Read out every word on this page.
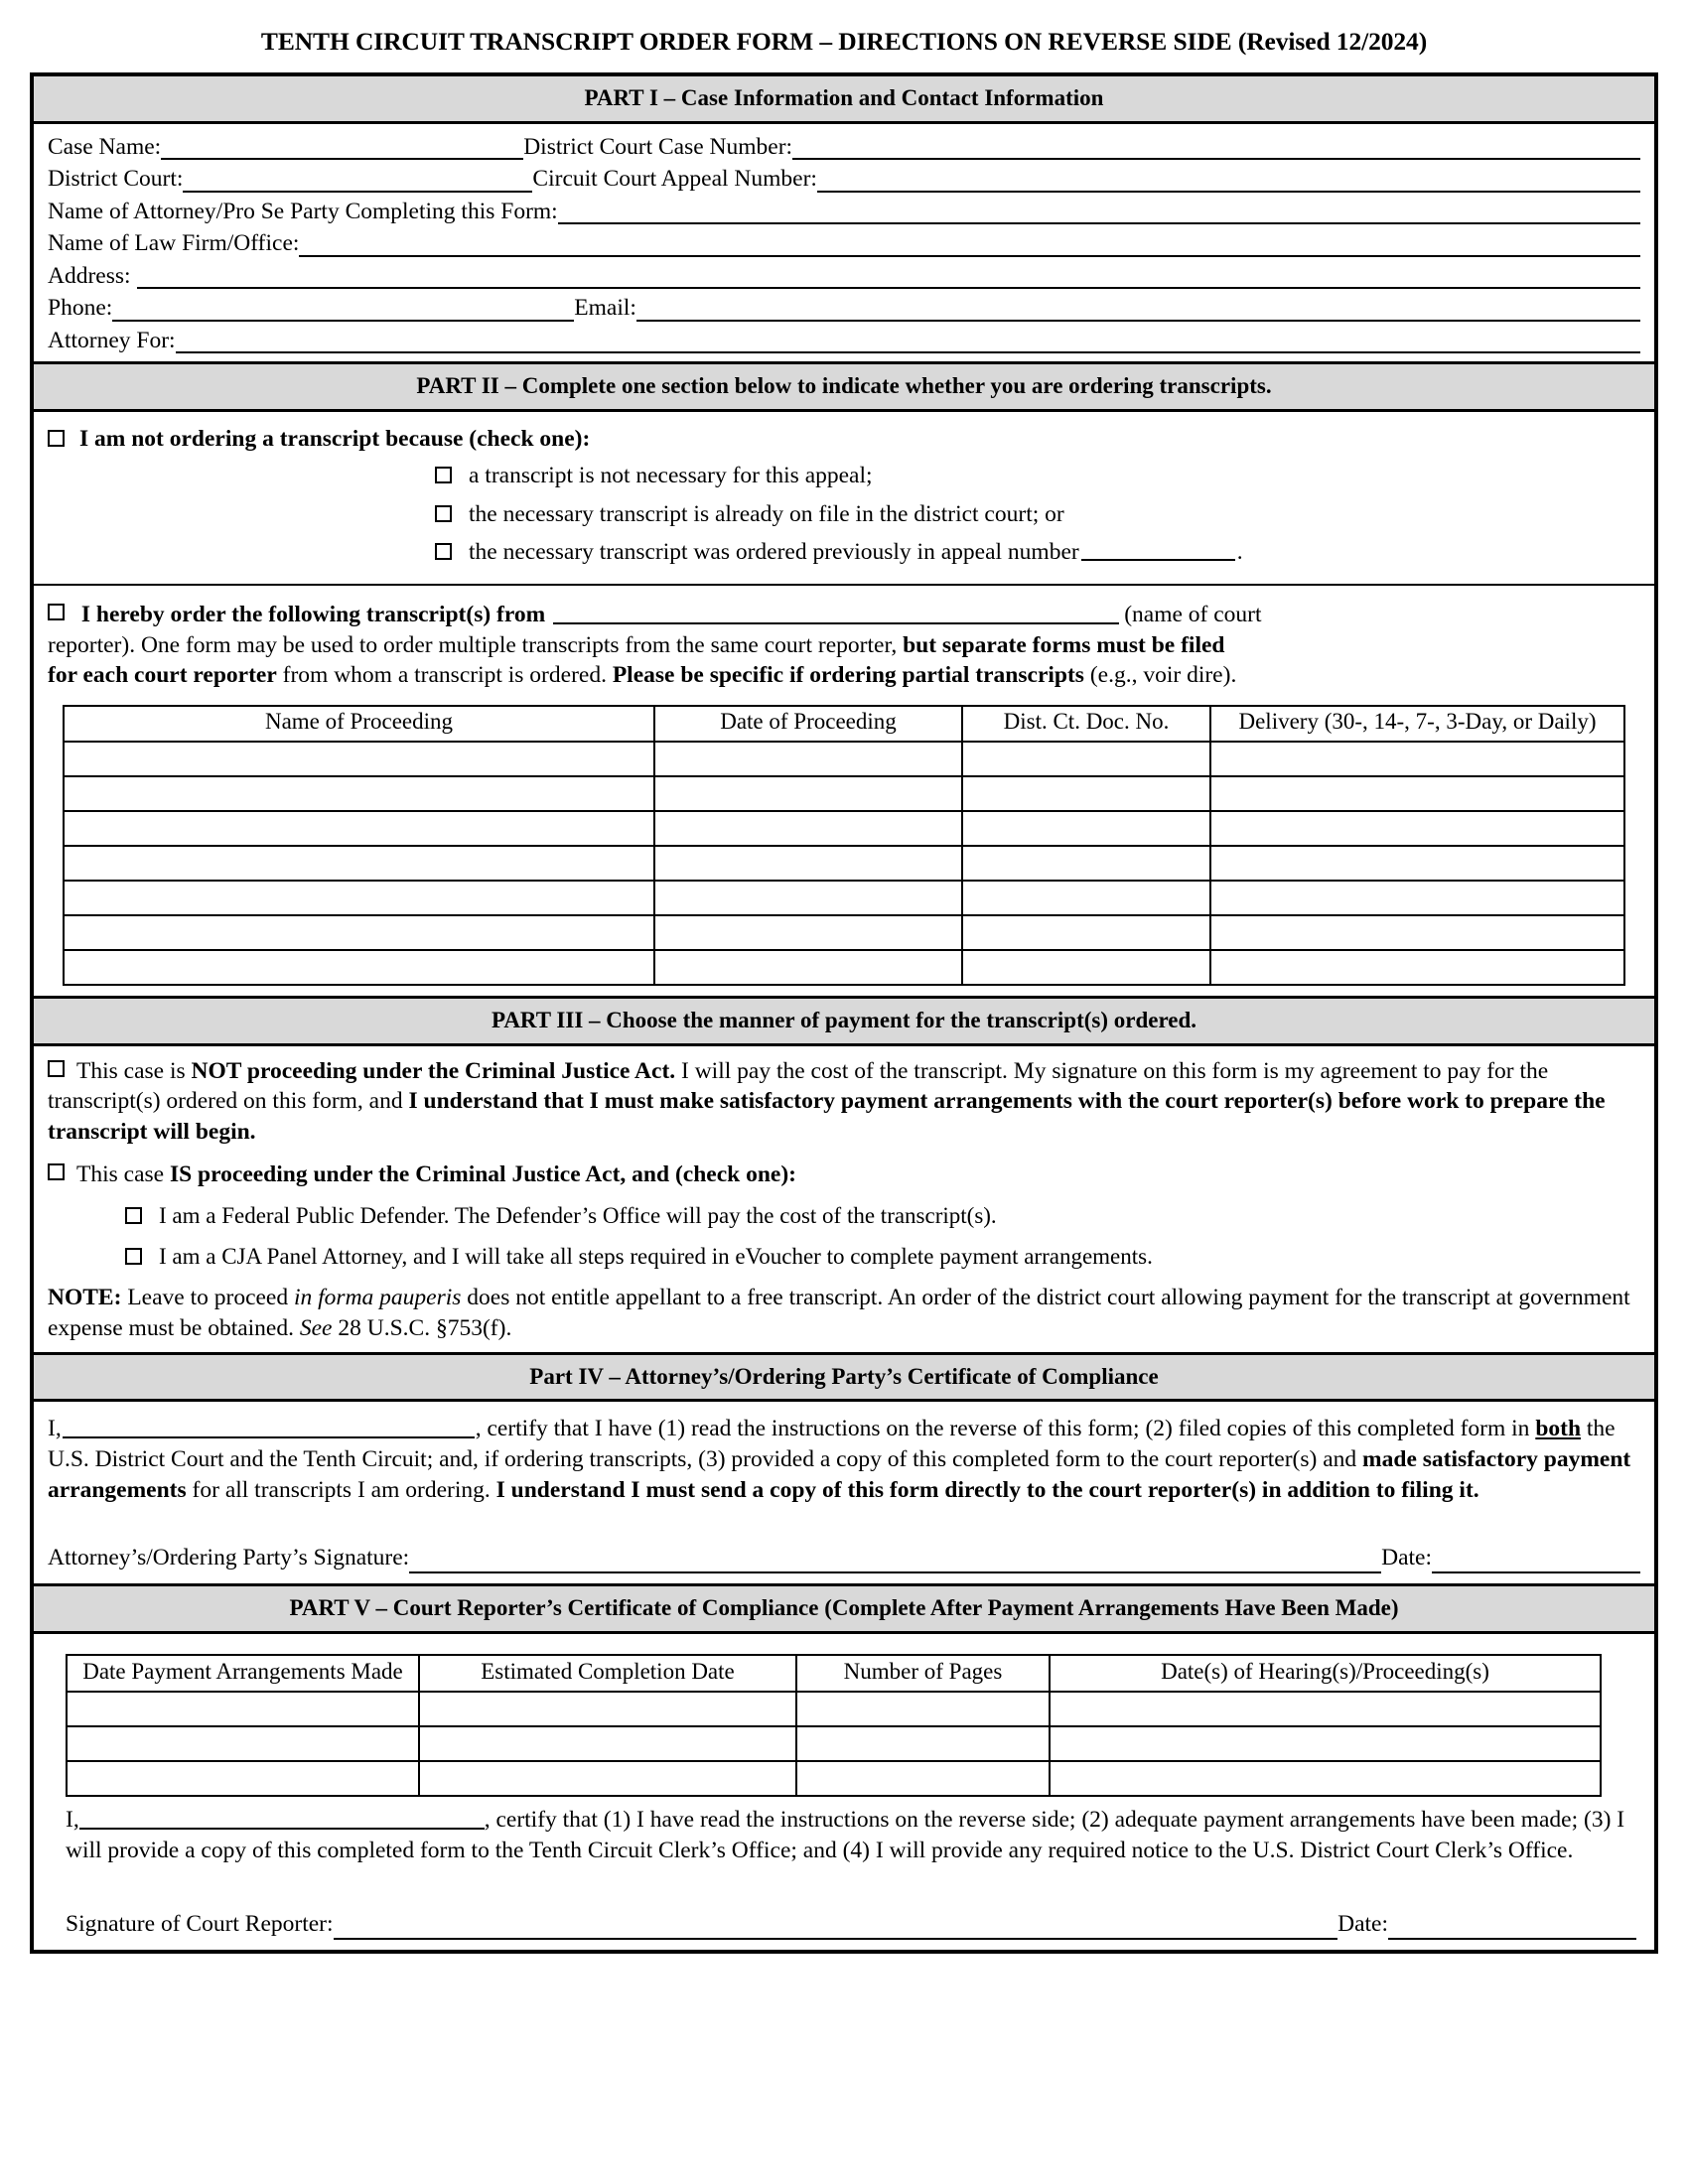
TENTH CIRCUIT TRANSCRIPT ORDER FORM – DIRECTIONS ON REVERSE SIDE (Revised 12/2024)
PART I – Case Information and Contact Information
Case Name:	District Court Case Number:
District Court:	Circuit Court Appeal Number:
Name of Attorney/Pro Se Party Completing this Form:
Name of Law Firm/Office:
Address:
Phone:	Email:
Attorney For:
PART II – Complete one section below to indicate whether you are ordering transcripts.
I am not ordering a transcript because (check one):
a transcript is not necessary for this appeal;
the necessary transcript is already on file in the district court; or
the necessary transcript was ordered previously in appeal number	.
I hereby order the following transcript(s) from	(name of court
reporter). One form may be used to order multiple transcripts from the same court reporter, but separate forms must be filed
for each court reporter from whom a transcript is ordered. Please be specific if ordering partial transcripts (e.g., voir dire).
Name of Proceeding	Date of Proceeding	Dist. Ct. Doc. No.	Delivery (30-, 14-, 7-, 3-Day, or Daily)

PART III – Choose the manner of payment for the transcript(s) ordered.
This case is NOT proceeding under the Criminal Justice Act. I will pay the cost of the transcript. My signature on this form is my agreement to pay for the transcript(s) ordered on this form, and I understand that I must make satisfactory payment arrangements with the court reporter(s) before work to prepare the transcript will begin.
This case IS proceeding under the Criminal Justice Act, and (check one):
I am a Federal Public Defender. The Defender’s Office will pay the cost of the transcript(s).
I am a CJA Panel Attorney, and I will take all steps required in eVoucher to complete payment arrangements.
NOTE: Leave to proceed in forma pauperis does not entitle appellant to a free transcript. An order of the district court allowing payment for the transcript at government expense must be obtained. See 28 U.S.C. §753(f).
Part IV – Attorney’s/Ordering Party’s Certificate of Compliance
I,	, certify that I have (1) read the instructions on the reverse of this form; (2) filed copies of this completed form in both the U.S. District Court and the Tenth Circuit; and, if ordering transcripts, (3) provided a copy of this completed form to the court reporter(s) and made satisfactory payment arrangements for all transcripts I am ordering. I understand I must send a copy of this form directly to the court reporter(s) in addition to filing it.
Attorney’s/Ordering Party’s Signature:	Date:
PART V – Court Reporter’s Certificate of Compliance (Complete After Payment Arrangements Have Been Made)
Date Payment Arrangements Made	Estimated Completion Date	Number of Pages	Date(s) of Hearing(s)/Proceeding(s)

I,	, certify that (1) I have read the instructions on the reverse side; (2) adequate payment arrangements have been made; (3) I will provide a copy of this completed form to the Tenth Circuit Clerk’s Office; and (4) I will provide any required notice to the U.S. District Court Clerk’s Office.
Signature of Court Reporter:	Date:
